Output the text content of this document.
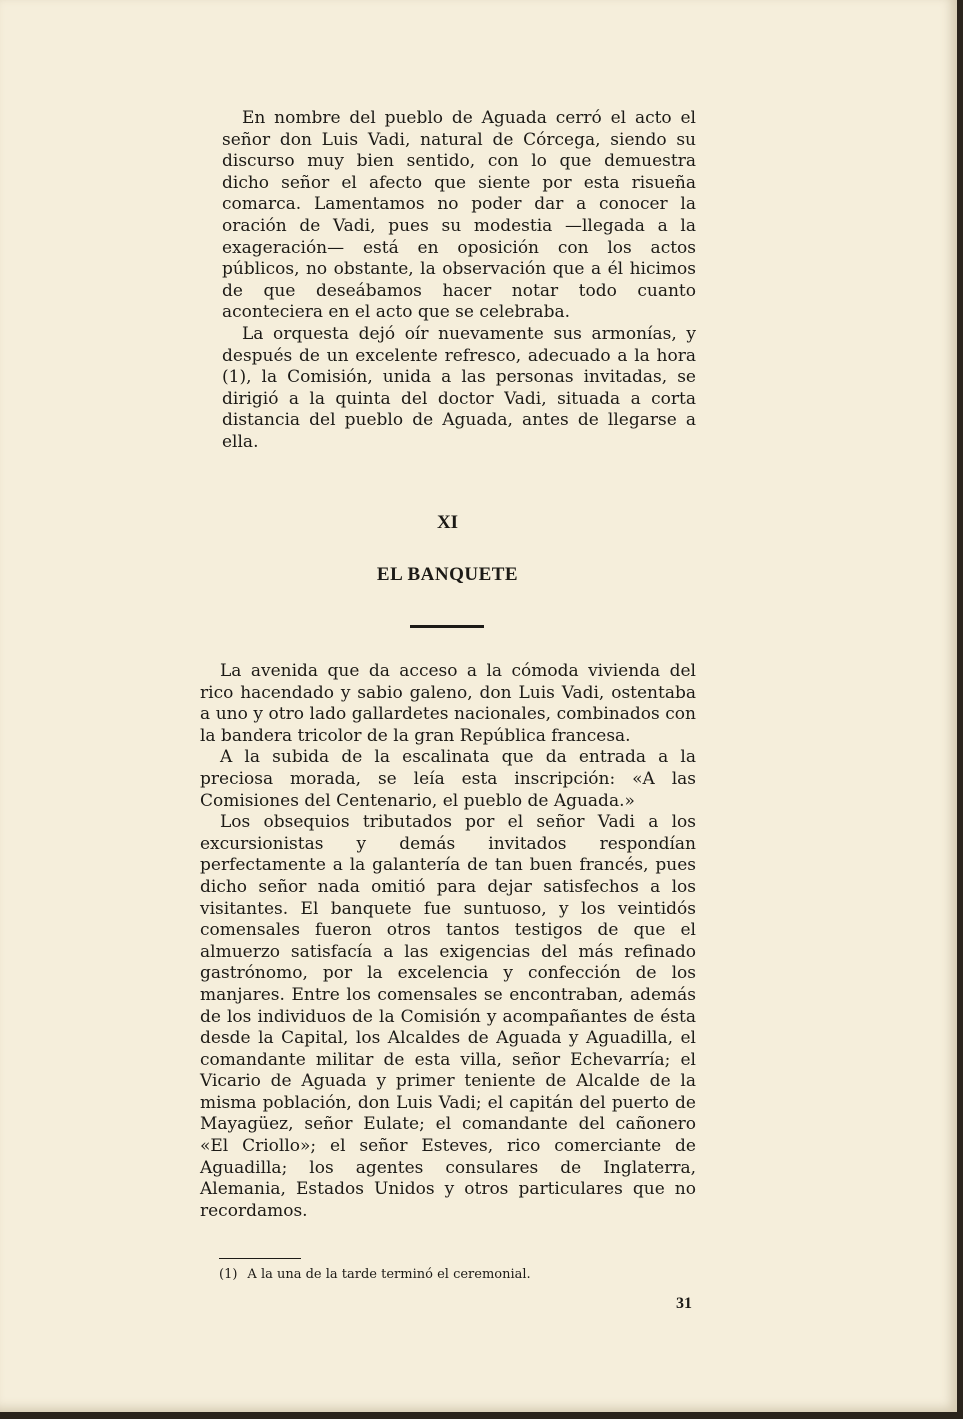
En nombre del pueblo de Aguada cerró el acto el señor don Luis Vadi, natural de Córcega, siendo su discurso muy bien sentido, con lo que demuestra dicho señor el afecto que siente por esta risueña comarca. Lamentamos no poder dar a conocer la oración de Vadi, pues su modestia —llegada a la exageración— está en oposición con los actos públicos, no obstante, la observación que a él hicimos de que deseábamos hacer notar todo cuanto aconteciera en el acto que se celebraba.

La orquesta dejó oír nuevamente sus armonías, y después de un excelente refresco, adecuado a la hora (1), la Comisión, unida a las personas invitadas, se dirigió a la quinta del doctor Vadi, situada a corta distancia del pueblo de Aguada, antes de llegarse a ella.

XI
EL BANQUETE

La avenida que da acceso a la cómoda vivienda del rico hacendado y sabio galeno, don Luis Vadi, ostentaba a uno y otro lado gallardetes nacionales, combinados con la bandera tricolor de la gran República francesa.

A la subida de la escalinata que da entrada a la preciosa morada, se leía esta inscripción: «A las Comisiones del Centenario, el pueblo de Aguada.»

Los obsequios tributados por el señor Vadi a los excursionistas y demás invitados respondían perfectamente a la galantería de tan buen francés, pues dicho señor nada omitió para dejar satisfechos a los visitantes. El banquete fue suntuoso, y los veintidós comensales fueron otros tantos testigos de que el almuerzo satisfacía a las exigencias del más refinado gastrónomo, por la excelencia y confección de los manjares. Entre los comensales se encontraban, además de los individuos de la Comisión y acompañantes de ésta desde la Capital, los Alcaldes de Aguada y Aguadilla, el comandante militar de esta villa, señor Echevarría; el Vicario de Aguada y primer teniente de Alcalde de la misma población, don Luis Vadi; el capitán del puerto de Mayagüez, señor Eulate; el comandante del cañonero «El Criollo»; el señor Esteves, rico comerciante de Aguadilla; los agentes consulares de Inglaterra, Alemania, Estados Unidos y otros particulares que no recordamos.

(1) A la una de la tarde terminó el ceremonial.
31
